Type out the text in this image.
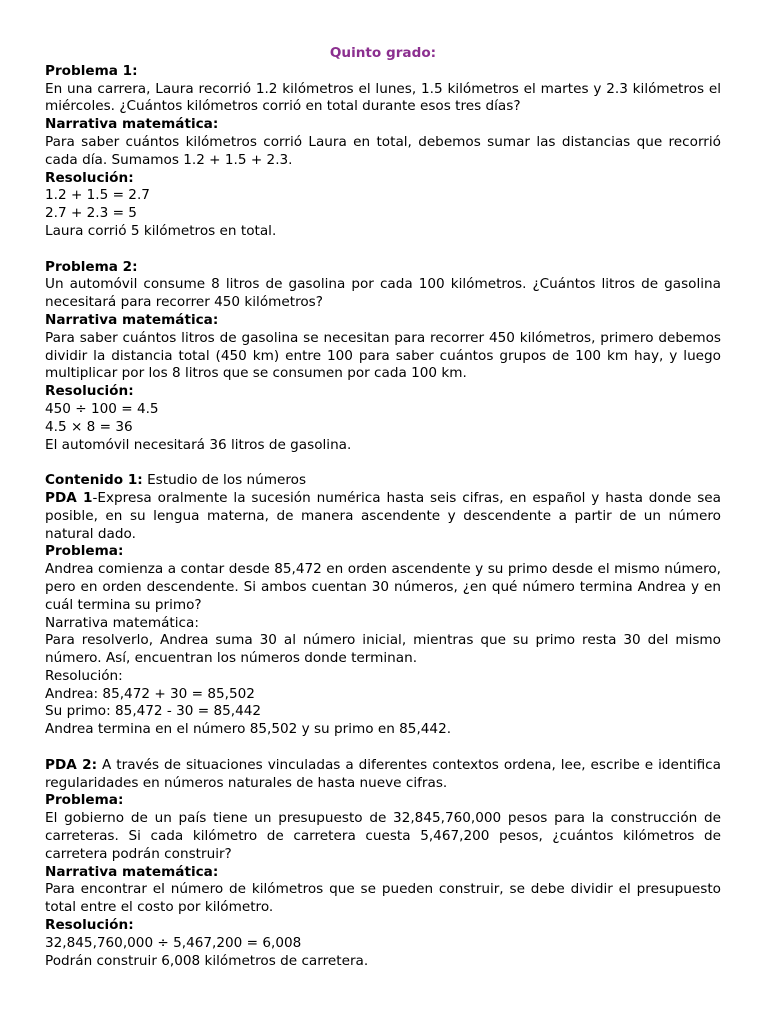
Quinto grado:
Problema 1:
En una carrera, Laura recorrió 1.2 kilómetros el lunes, 1.5 kilómetros el martes y 2.3 kilómetros el miércoles. ¿Cuántos kilómetros corrió en total durante esos tres días?
Narrativa matemática:
Para saber cuántos kilómetros corrió Laura en total, debemos sumar las distancias que recorrió cada día. Sumamos 1.2 + 1.5 + 2.3.
Resolución:
1.2 + 1.5 = 2.7
2.7 + 2.3 = 5
Laura corrió 5 kilómetros en total.
Problema 2:
Un automóvil consume 8 litros de gasolina por cada 100 kilómetros. ¿Cuántos litros de gasolina necesitará para recorrer 450 kilómetros?
Narrativa matemática:
Para saber cuántos litros de gasolina se necesitan para recorrer 450 kilómetros, primero debemos dividir la distancia total (450 km) entre 100 para saber cuántos grupos de 100 km hay, y luego multiplicar por los 8 litros que se consumen por cada 100 km.
Resolución:
450 ÷ 100 = 4.5
4.5 × 8 = 36
El automóvil necesitará 36 litros de gasolina.
Contenido 1: Estudio de los números
PDA 1-Expresa oralmente la sucesión numérica hasta seis cifras, en español y hasta donde sea posible, en su lengua materna, de manera ascendente y descendente a partir de un número natural dado.
Problema:
Andrea comienza a contar desde 85,472 en orden ascendente y su primo desde el mismo número, pero en orden descendente. Si ambos cuentan 30 números, ¿en qué número termina Andrea y en cuál termina su primo?
Narrativa matemática:
Para resolverlo, Andrea suma 30 al número inicial, mientras que su primo resta 30 del mismo número. Así, encuentran los números donde terminan.
Resolución:
Andrea: 85,472 + 30 = 85,502
Su primo: 85,472 - 30 = 85,442
Andrea termina en el número 85,502 y su primo en 85,442.
PDA 2: A través de situaciones vinculadas a diferentes contextos ordena, lee, escribe e identifica regularidades en números naturales de hasta nueve cifras.
Problema:
El gobierno de un país tiene un presupuesto de 32,845,760,000 pesos para la construcción de carreteras. Si cada kilómetro de carretera cuesta 5,467,200 pesos, ¿cuántos kilómetros de carretera podrán construir?
Narrativa matemática:
Para encontrar el número de kilómetros que se pueden construir, se debe dividir el presupuesto total entre el costo por kilómetro.
Resolución:
32,845,760,000 ÷ 5,467,200 = 6,008
Podrán construir 6,008 kilómetros de carretera.
